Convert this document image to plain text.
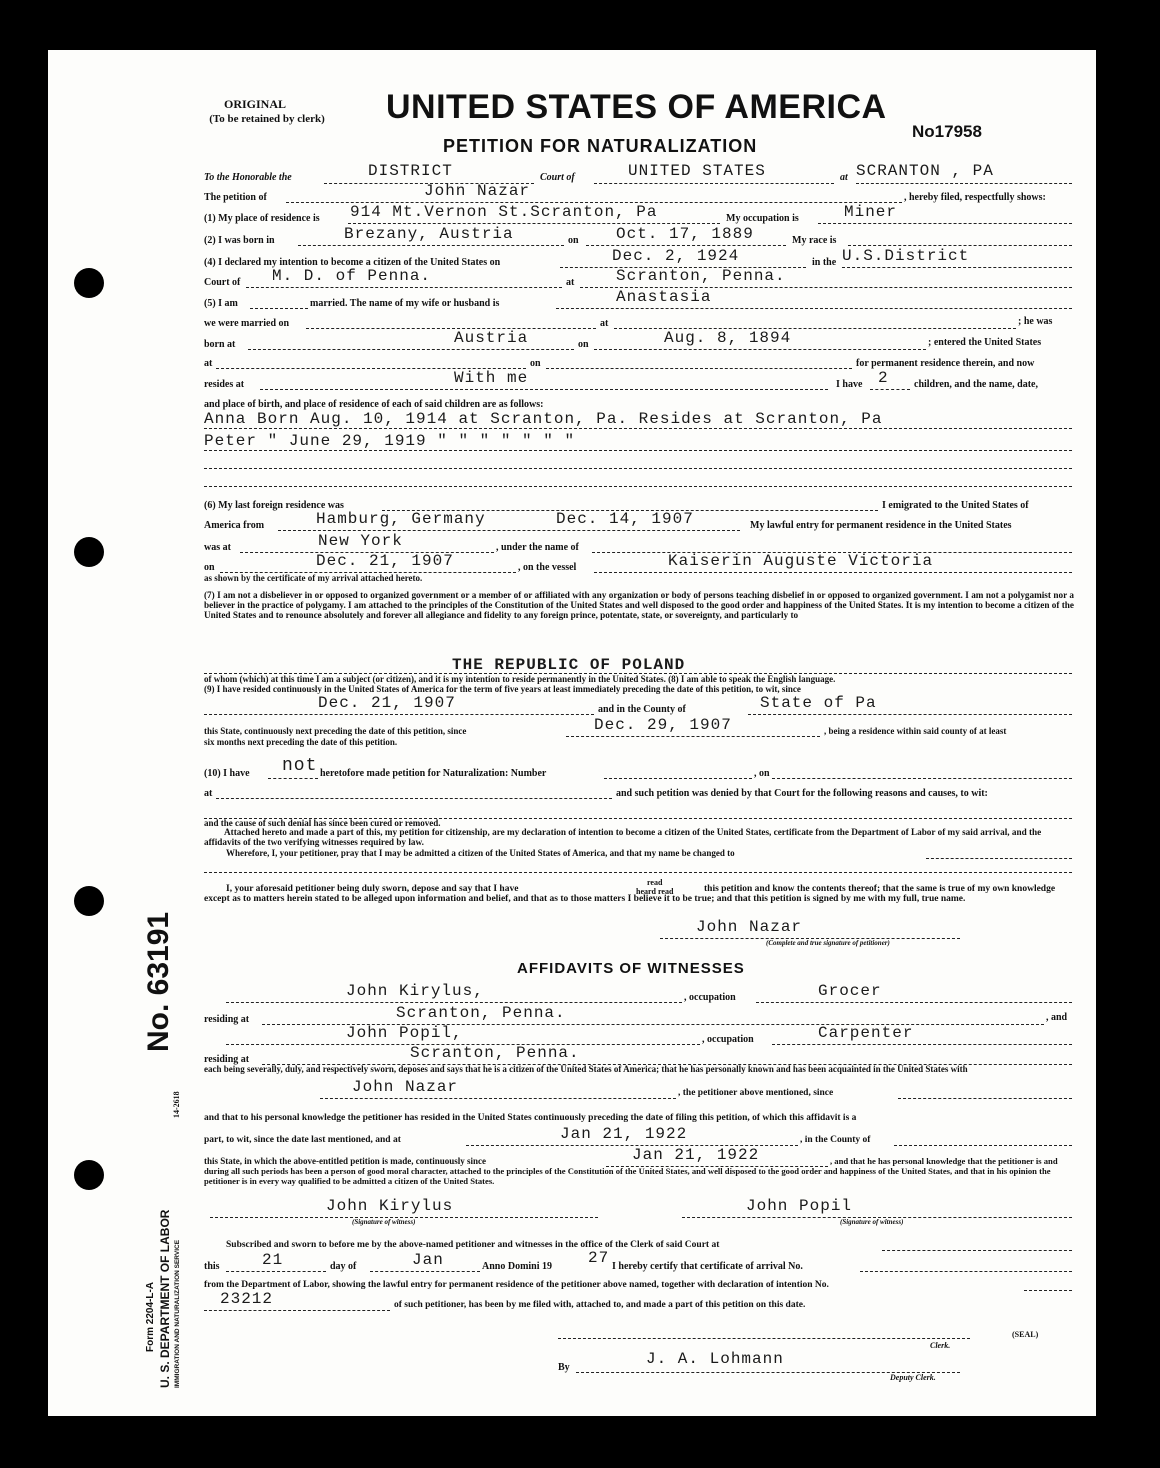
ORIGINAL
(To be retained by clerk) UNITED STATES OF AMERICA
PETITION FOR NATURALIZATION
No17958
To the Honorable the	DISTRICT	Court of	UNITED STATES	at SCRANTON , PA
The petition of	John Nazar	, hereby filed, respectfully shows:
(1) My place of residence is 914 Mt.Vernon St.Scranton, Pa	My occupation is	Miner
(2) I was born in	Brezany, Austria	on Oct. 17, 1889	My race is
(4) I declared my intention to become a citizen of the United States on	Dec. 2, 1924	in the U.S.District
Court of M. D. of Penna.	at	Scranton, Penna.
(5) I am	married. The name of my wife or husband is	Anastasia
we were married on	at	; he was
born at	Austria	on	Aug. 8, 1894	; entered the United States
at	on	for permanent residence therein, and now
resides at	With me	I have 2	children, and the name, date,
and place of birth, and place of residence of each of said children are as follows:
Anna Born Aug. 10, 1914 at Scranton, Pa. Resides at Scranton, Pa
Peter " June 29, 1919 " " " " " " "
(6) My last foreign residence was	I emigrated to the United States of
America from	Hamburg, Germany	Dec. 14, 1907	My lawful entry for permanent residence in the United States
was at	New York	, under the name of
on	Dec. 21, 1907	, on the vessel	Kaiserin Auguste Victoria
as shown by the certificate of my arrival attached hereto.
(7) I am not a disbeliever in or opposed to organized government or a member of or affiliated with any organization or body of persons teaching disbelief in or opposed to organized government. I am not a polygamist nor a believer in the practice of polygamy. I am attached to the principles of the Constitution of the United States and well disposed to the good order and happiness of the United States. It is my intention to become a citizen of the United States and to renounce absolutely and forever all allegiance and fidelity to any foreign prince, potentate, state, or sovereignty, and particularly to
THE REPUBLIC OF POLAND
of whom (which) at this time I am a subject (or citizen), and it is my intention to reside permanently in the United States. (8) I am able to speak the English language.
(9) I have resided continuously in the United States of America for the term of five years at least immediately preceding the date of this petition, to wit, since
Dec. 21, 1907	and in the County of	State of Pa
this State, continuously next preceding the date of this petition, since	Dec. 29, 1907	, being a residence within said county of at least
six months next preceding the date of this petition.
(10) I have not heretofore made petition for Naturalization: Number	, on
at	and such petition was denied by that Court for the following reasons and causes, to wit:
and the cause of such denial has since been cured or removed.
Attached hereto and made a part of this, my petition for citizenship, are my declaration of intention to become a citizen of the United States, certificate from the Department of Labor of my said arrival, and the affidavits of the two verifying witnesses required by law.
Wherefore, I, your petitioner, pray that I may be admitted a citizen of the United States of America, and that my name be changed to
I, your aforesaid petitioner being duly sworn, depose and say that I have
read
heard read	this petition and know the contents thereof; that the same is true of my own knowledge except as to matters herein stated to be alleged upon information and belief, and that as to those matters I believe it to be true; and that this petition is signed by me with my full, true name.
John Nazar
(Complete and true signature of petitioner)
AFFIDAVITS OF WITNESSES
John Kirylus,	, occupation	Grocer
residing at	Scranton, Penna.	, and
John Popil,	, occupation	Carpenter
residing at	Scranton, Penna.
each being severally, duly, and respectively sworn, deposes and says that he is a citizen of the United States of America; that he has personally known and has been acquainted in the United States with
John Nazar	, the petitioner above mentioned, since
and that to his personal knowledge the petitioner has resided in the United States continuously preceding the date of filing this petition, of which this affidavit is a
part, to wit, since the date last mentioned, and at	Jan 21, 1922	, in the County of
this State, in which the above-entitled petition is made, continuously since	Jan 21, 1922	, and that he has personal knowledge that the petitioner is and during all such periods has been a person of good moral character, attached to the principles of the Constitution of the United States, and well disposed to the good order and happiness of the United States, and that in his opinion the petitioner is in every way qualified to be admitted a citizen of the United States.
John Kirylus
(Signature of witness)
John Popil
(Signature of witness)
Subscribed and sworn to before me by the above-named petitioner and witnesses in the office of the Clerk of said Court at
this	21	day of	Jan	Anno Domini 19 27 I hereby certify that certificate of arrival No.
from the Department of Labor, showing the lawful entry for permanent residence of the petitioner above named, together with declaration of intention No.
23212	of such petitioner, has been by me filed with, attached to, and made a part of this petition on this date.
(SEAL)
Clerk.
By	J. A. Lohmann
Deputy Clerk.
No. 63191
14-2618
Form 2204-L-A U. S. DEPARTMENT OF LABOR IMMIGRATION AND NATURALIZATION SERVICE
